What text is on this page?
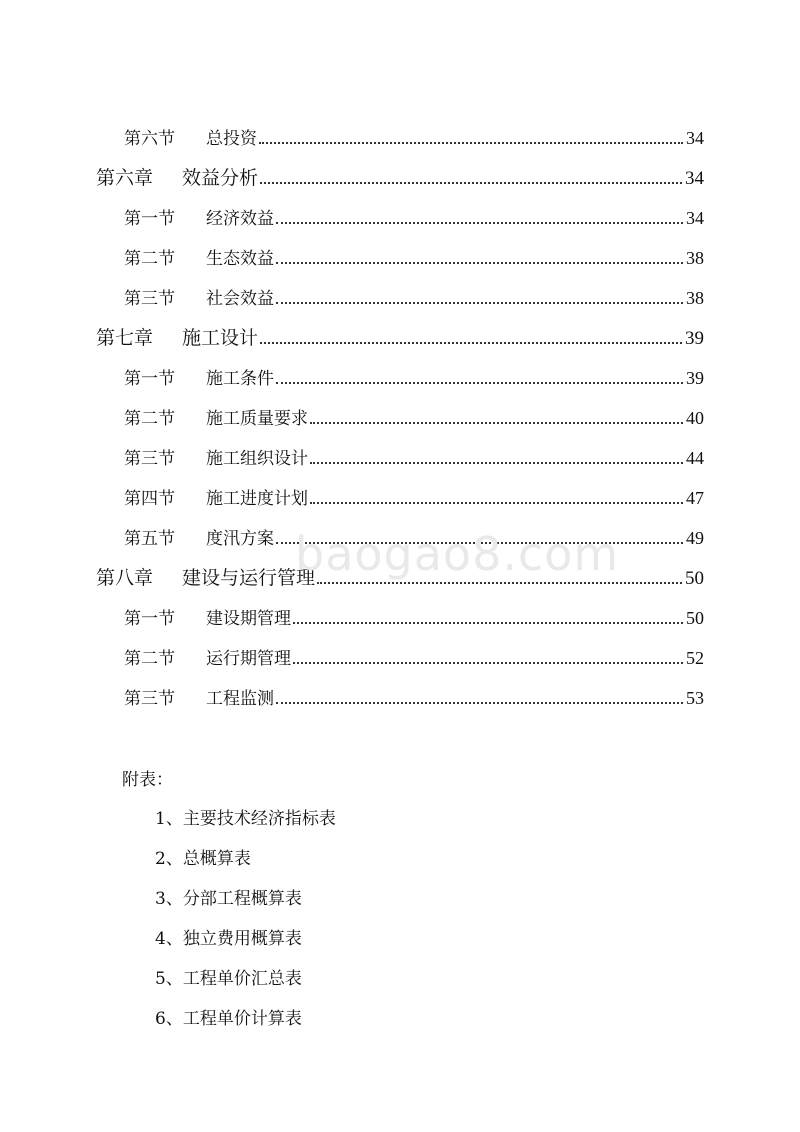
第六节 总投资	34
第六章 效益分析	34
第一节 经济效益	34
第二节 生态效益	38
第三节 社会效益	38
第七章 施工设计	39
第一节 施工条件	39
第二节 施工质量要求	40
第三节 施工组织设计	44
第四节 施工进度计划	47
第五节 度汛方案	49
第八章 建设与运行管理	50
第一节 建设期管理	50
第二节 运行期管理	52
第三节 工程监测	53
baogao8.com
附表：
1、主要技术经济指标表
2、总概算表
3、分部工程概算表
4、独立费用概算表
5、工程单价汇总表
6、工程单价计算表
